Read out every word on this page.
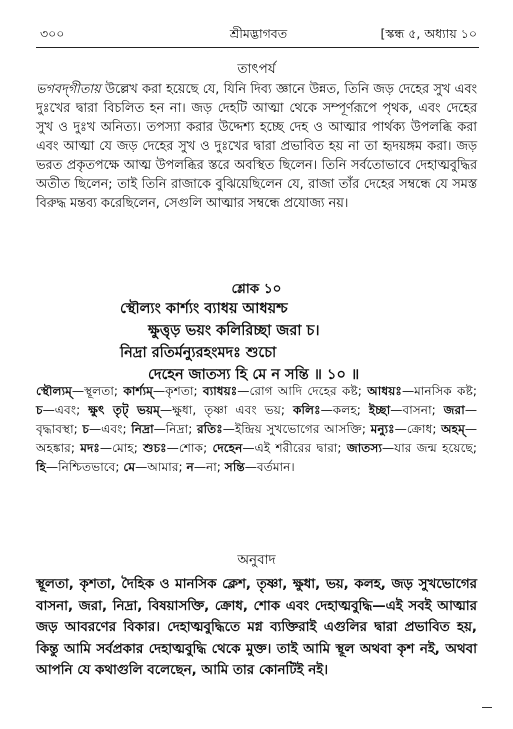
৩০০	শ্রীমদ্ভাগবত	[স্কন্ধ ৫, অধ্যায় ১০
তাৎপর্য
ভগবদ্‌গীতায় উল্লেখ করা হয়েছে যে, যিনি দিব্য জ্ঞানে উন্নত, তিনি জড় দেহের সুখ এবং দুঃখের দ্বারা বিচলিত হন না। জড় দেহটি আত্মা থেকে সম্পূর্ণরূপে পৃথক, এবং দেহের সুখ ও দুঃখ অনিত্য। তপস্যা করার উদ্দেশ্য হচ্ছে দেহ ও আত্মার পার্থক্য উপলব্ধি করা এবং আত্মা যে জড় দেহের সুখ ও দুঃখের দ্বারা প্রভাবিত হয় না তা হৃদয়ঙ্গম করা। জড় ভরত প্রকৃতপক্ষে আত্ম উপলব্ধির স্তরে অবস্থিত ছিলেন। তিনি সর্বতোভাবে দেহাত্মবুদ্ধির অতীত ছিলেন; তাই তিনি রাজাকে বুঝিয়েছিলেন যে, রাজা তাঁর দেহের সম্বন্ধে যে সমস্ত বিরুদ্ধ মন্তব্য করেছিলেন, সেগুলি আত্মার সম্বন্ধে প্রযোজ্য নয়।
শ্লোক ১০
স্থৌল্যং কার্শ্যং ব্যাধয় আধয়শ্চ
ক্ষুত্তৃড় ভয়ং কলিরিচ্ছা জরা চ।
নিদ্রা রতির্মন্যুরহংমদঃ শুচো
দেহেন জাতস্য হি মে ন সন্তি ॥ ১০ ॥
স্থৌল্যম্—স্থূলতা; কার্শ্যম্—কৃশতা; ব্যাধয়ঃ—রোগ আদি দেহের কষ্ট; আধয়ঃ—মানসিক কষ্ট; চ—এবং; ক্ষুৎ তৃট্ ভয়ম্—ক্ষুধা, তৃষ্ণা এবং ভয়; কলিঃ—কলহ; ইচ্ছা—বাসনা; জরা—বৃদ্ধাবস্থা; চ—এবং; নিদ্রা—নিদ্রা; রতিঃ—ইন্দ্রিয় সুখভোগের আসক্তি; মন্যুঃ—ক্রোধ; অহম্—অহঙ্কার; মদঃ—মোহ; শুচঃ—শোক; দেহেন—এই শরীরের দ্বারা; জাতস্য—যার জন্ম হয়েছে; হি—নিশ্চিতভাবে; মে—আমার; ন—না; সন্তি—বর্তমান।
অনুবাদ
স্থূলতা, কৃশতা, দৈহিক ও মানসিক ক্লেশ, তৃষ্ণা, ক্ষুধা, ভয়, কলহ, জড় সুখভোগের বাসনা, জরা, নিদ্রা, বিষয়াসক্তি, ক্রোধ, শোক এবং দেহাত্মবুদ্ধি—এই সবই আত্মার জড় আবরণের বিকার। দেহাত্মবুদ্ধিতে মগ্ন ব্যক্তিরাই এগুলির দ্বারা প্রভাবিত হয়, কিন্তু আমি সর্বপ্রকার দেহাত্মবুদ্ধি থেকে মুক্ত। তাই আমি স্থূল অথবা কৃশ নই, অথবা আপনি যে কথাগুলি বলেছেন, আমি তার কোনটিই নই।
